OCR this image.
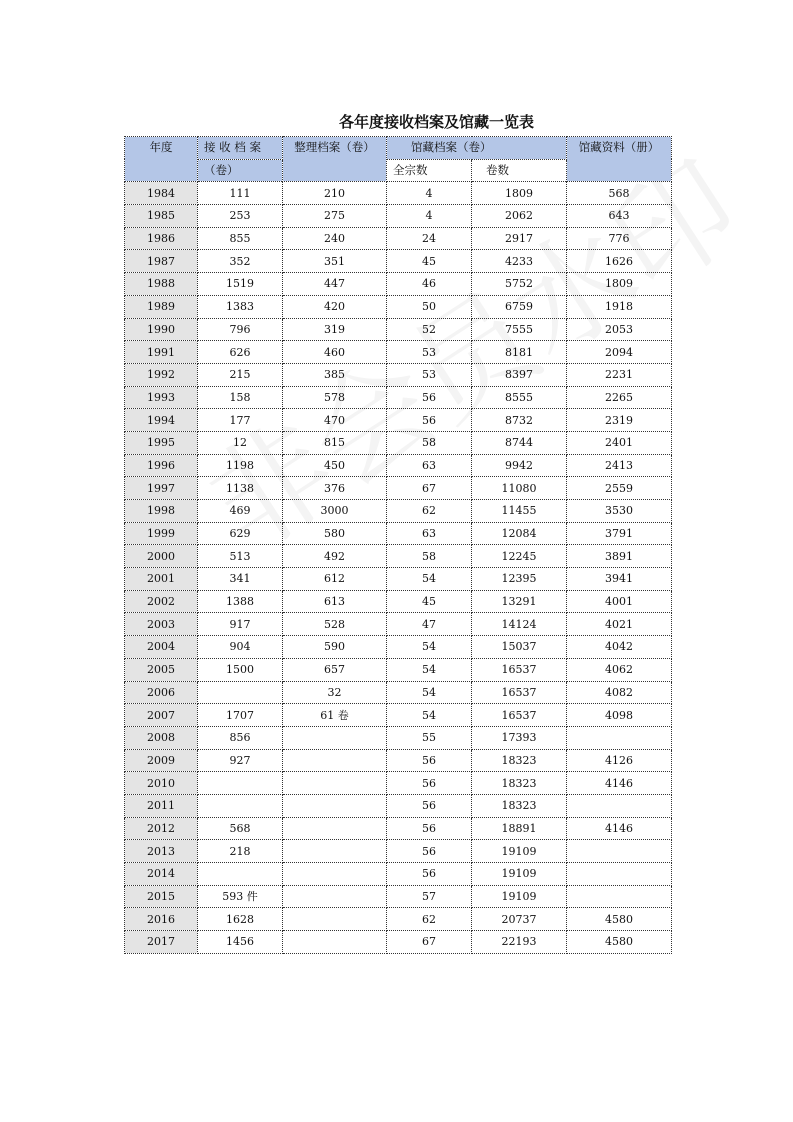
各年度接收档案及馆藏一览表
年度	接 收 档 案	整理档案（卷）	馆藏档案（卷）		馆藏资料（册）
	（卷）		全宗数	卷数	
1984	111	210	4	1809	568
1985	253	275	4	2062	643
1986	855	240	24	2917	776
1987	352	351	45	4233	1626
1988	1519	447	46	5752	1809
1989	1383	420	50	6759	1918
1990	796	319	52	7555	2053
1991	626	460	53	8181	2094
1992	215	385	53	8397	2231
1993	158	578	56	8555	2265
1994	177	470	56	8732	2319
1995	12	815	58	8744	2401
1996	1198	450	63	9942	2413
1997	1138	376	67	11080	2559
1998	469	3000	62	11455	3530
1999	629	580	63	12084	3791
2000	513	492	58	12245	3891
2001	341	612	54	12395	3941
2002	1388	613	45	13291	4001
2003	917	528	47	14124	4021
2004	904	590	54	15037	4042
2005	1500	657	54	16537	4062
2006		32	54	16537	4082
2007	1707	61 卷	54	16537	4098
2008	856		55	17393	
2009	927		56	18323	4126
2010			56	18323	4146
2011			56	18323	
2012	568		56	18891	4146
2013	218		56	19109	
2014			56	19109	
2015	593 件		57	19109	
2016	1628		62	20737	4580
2017	1456		67	22193	4580
